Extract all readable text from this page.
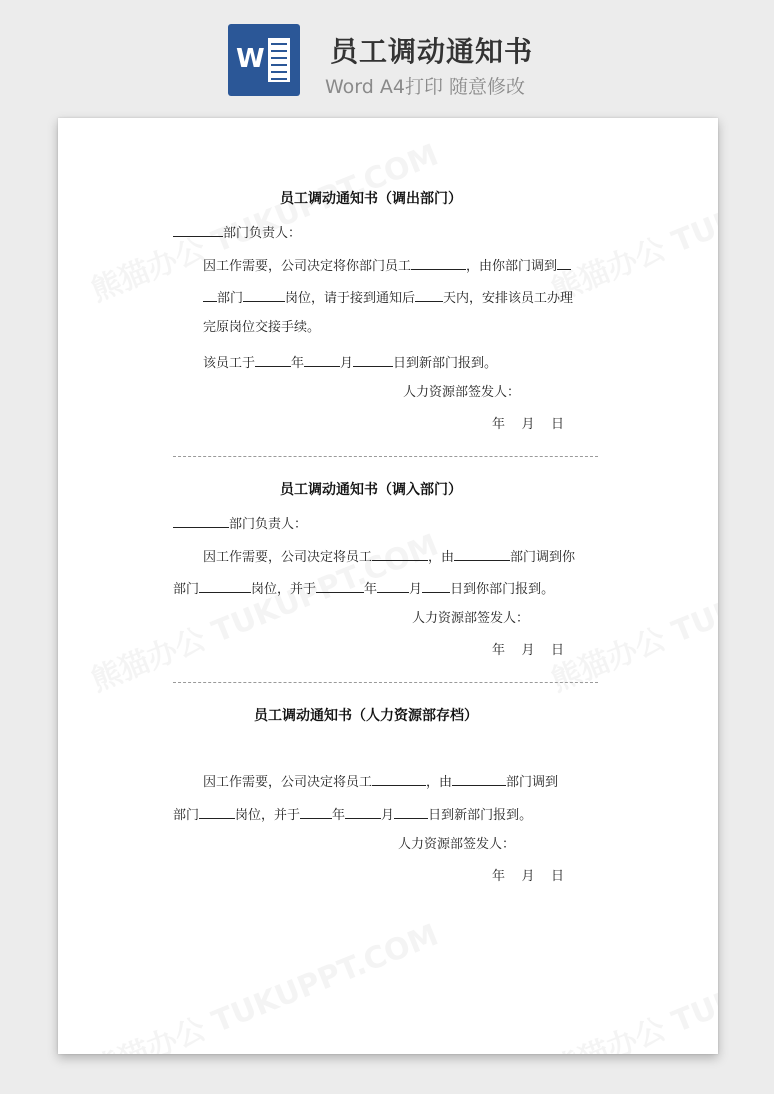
W 员工调动通知书
Word A4打印 随意修改
员工调动通知书（调出部门）
部门负责人：
因工作需要，公司决定将你部门员工	，由你部门调到
部门	岗位，请于接到通知后 天内，安排该员工办理
完原岗位交接手续。
该员工于	年	月	日到新部门报到。
人力资源部签发人：
年    月    日
员工调动通知书（调入部门）
部门负责人：
因工作需要，公司决定将员工	，由	部门调到你
部门	岗位，并于	年 月 日到你部门报到。
人力资源部签发人：
年    月    日
员工调动通知书（人力资源部存档）
因工作需要，公司决定将员工	，由	部门调到
部门	岗位，并于 年	月	日到新部门报到。
人力资源部签发人：
年    月    日
